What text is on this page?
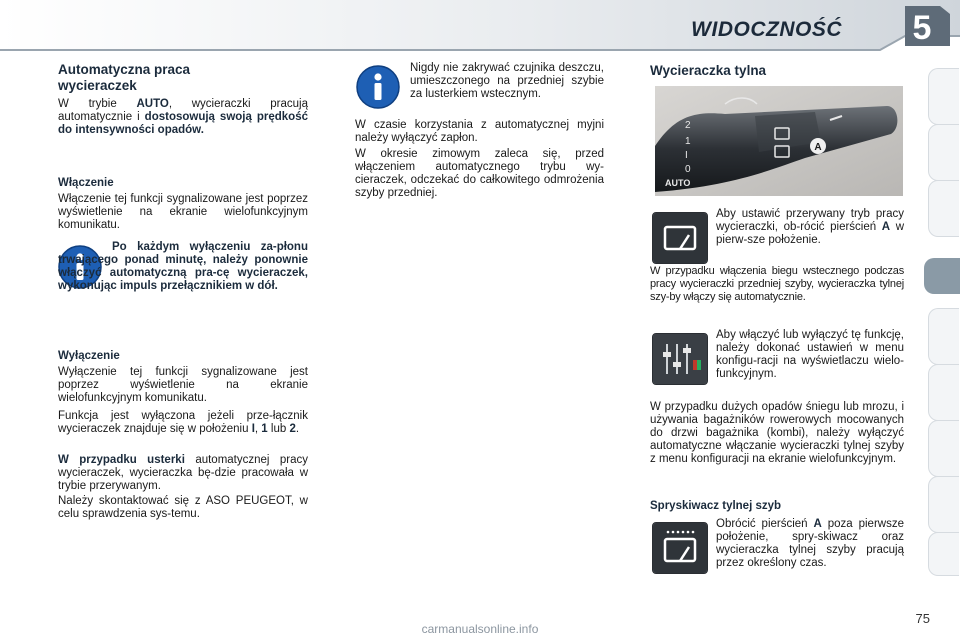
WIDOCZNOŚĆ 5
Automatyczna praca
wycieraczek
W trybie AUTO, wycieraczki pracują automatycznie i dostosowują swoją prędkość do intensywności opadów.
Włączenie
Włączenie tej funkcji sygnalizowane jest poprzez wyświetlenie na ekranie wielofunkcyjnym komunikatu.
Po każdym wyłączeniu za-płonu trwającego ponad minutę, należy ponownie włączyć automatyczną pra-cę wycieraczek, wykonując impuls przełącznikiem w dół.
Wyłączenie
Wyłączenie tej funkcji sygnalizowane jest poprzez wyświetlenie na ekranie wielofunkcyjnym komunikatu.
Funkcja jest wyłączona jeżeli prze-łącznik wycieraczek znajduje się w położeniu I, 1 lub 2.
W przypadku usterki automatycznej pracy wycieraczek, wycieraczka bę-dzie pracowała w trybie przerywanym.
Należy skontaktować się z ASO PEUGEOT, w celu sprawdzenia sys-temu.
Nigdy nie zakrywać czujnika deszczu, umieszczonego na przedniej szybie za lusterkiem wstecznym.
W czasie korzystania z automatycznej myjni należy wyłączyć zapłon.
W okresie zimowym zaleca się, przed włączeniem automatycznego trybu wy-cieraczek, odczekać do całkowitego odmrożenia szyby przedniej.
Wycieraczka tylna
A
2
1
I
0
AUTO
Aby ustawić przerywany tryb pracy wycieraczki, ob-rócić pierścień A w pierw-sze położenie.
W przypadku włączenia biegu wstecznego podczas pracy wycieraczki przedniej szyby, wycieraczka tylnej szy-by włączy się automatycznie.
Aby włączyć lub wyłączyć tę funkcję, należy dokonać ustawień w menu konfigu-racji na wyświetlaczu wielo-funkcyjnym.
W przypadku dużych opadów śniegu lub mrozu, i używania bagażników rowerowych mocowanych do drzwi bagażnika (kombi), należy wyłączyć automatyczne włączanie wycieraczki tylnej szyby z menu konfiguracji na ekranie wielofunkcyjnym.
Spryskiwacz tylnej szyb
Obrócić pierścień A poza pierwsze położenie, spry-skiwacz oraz wycieraczka tylnej szyby pracują przez określony czas.
75
carmanualsonline.info
